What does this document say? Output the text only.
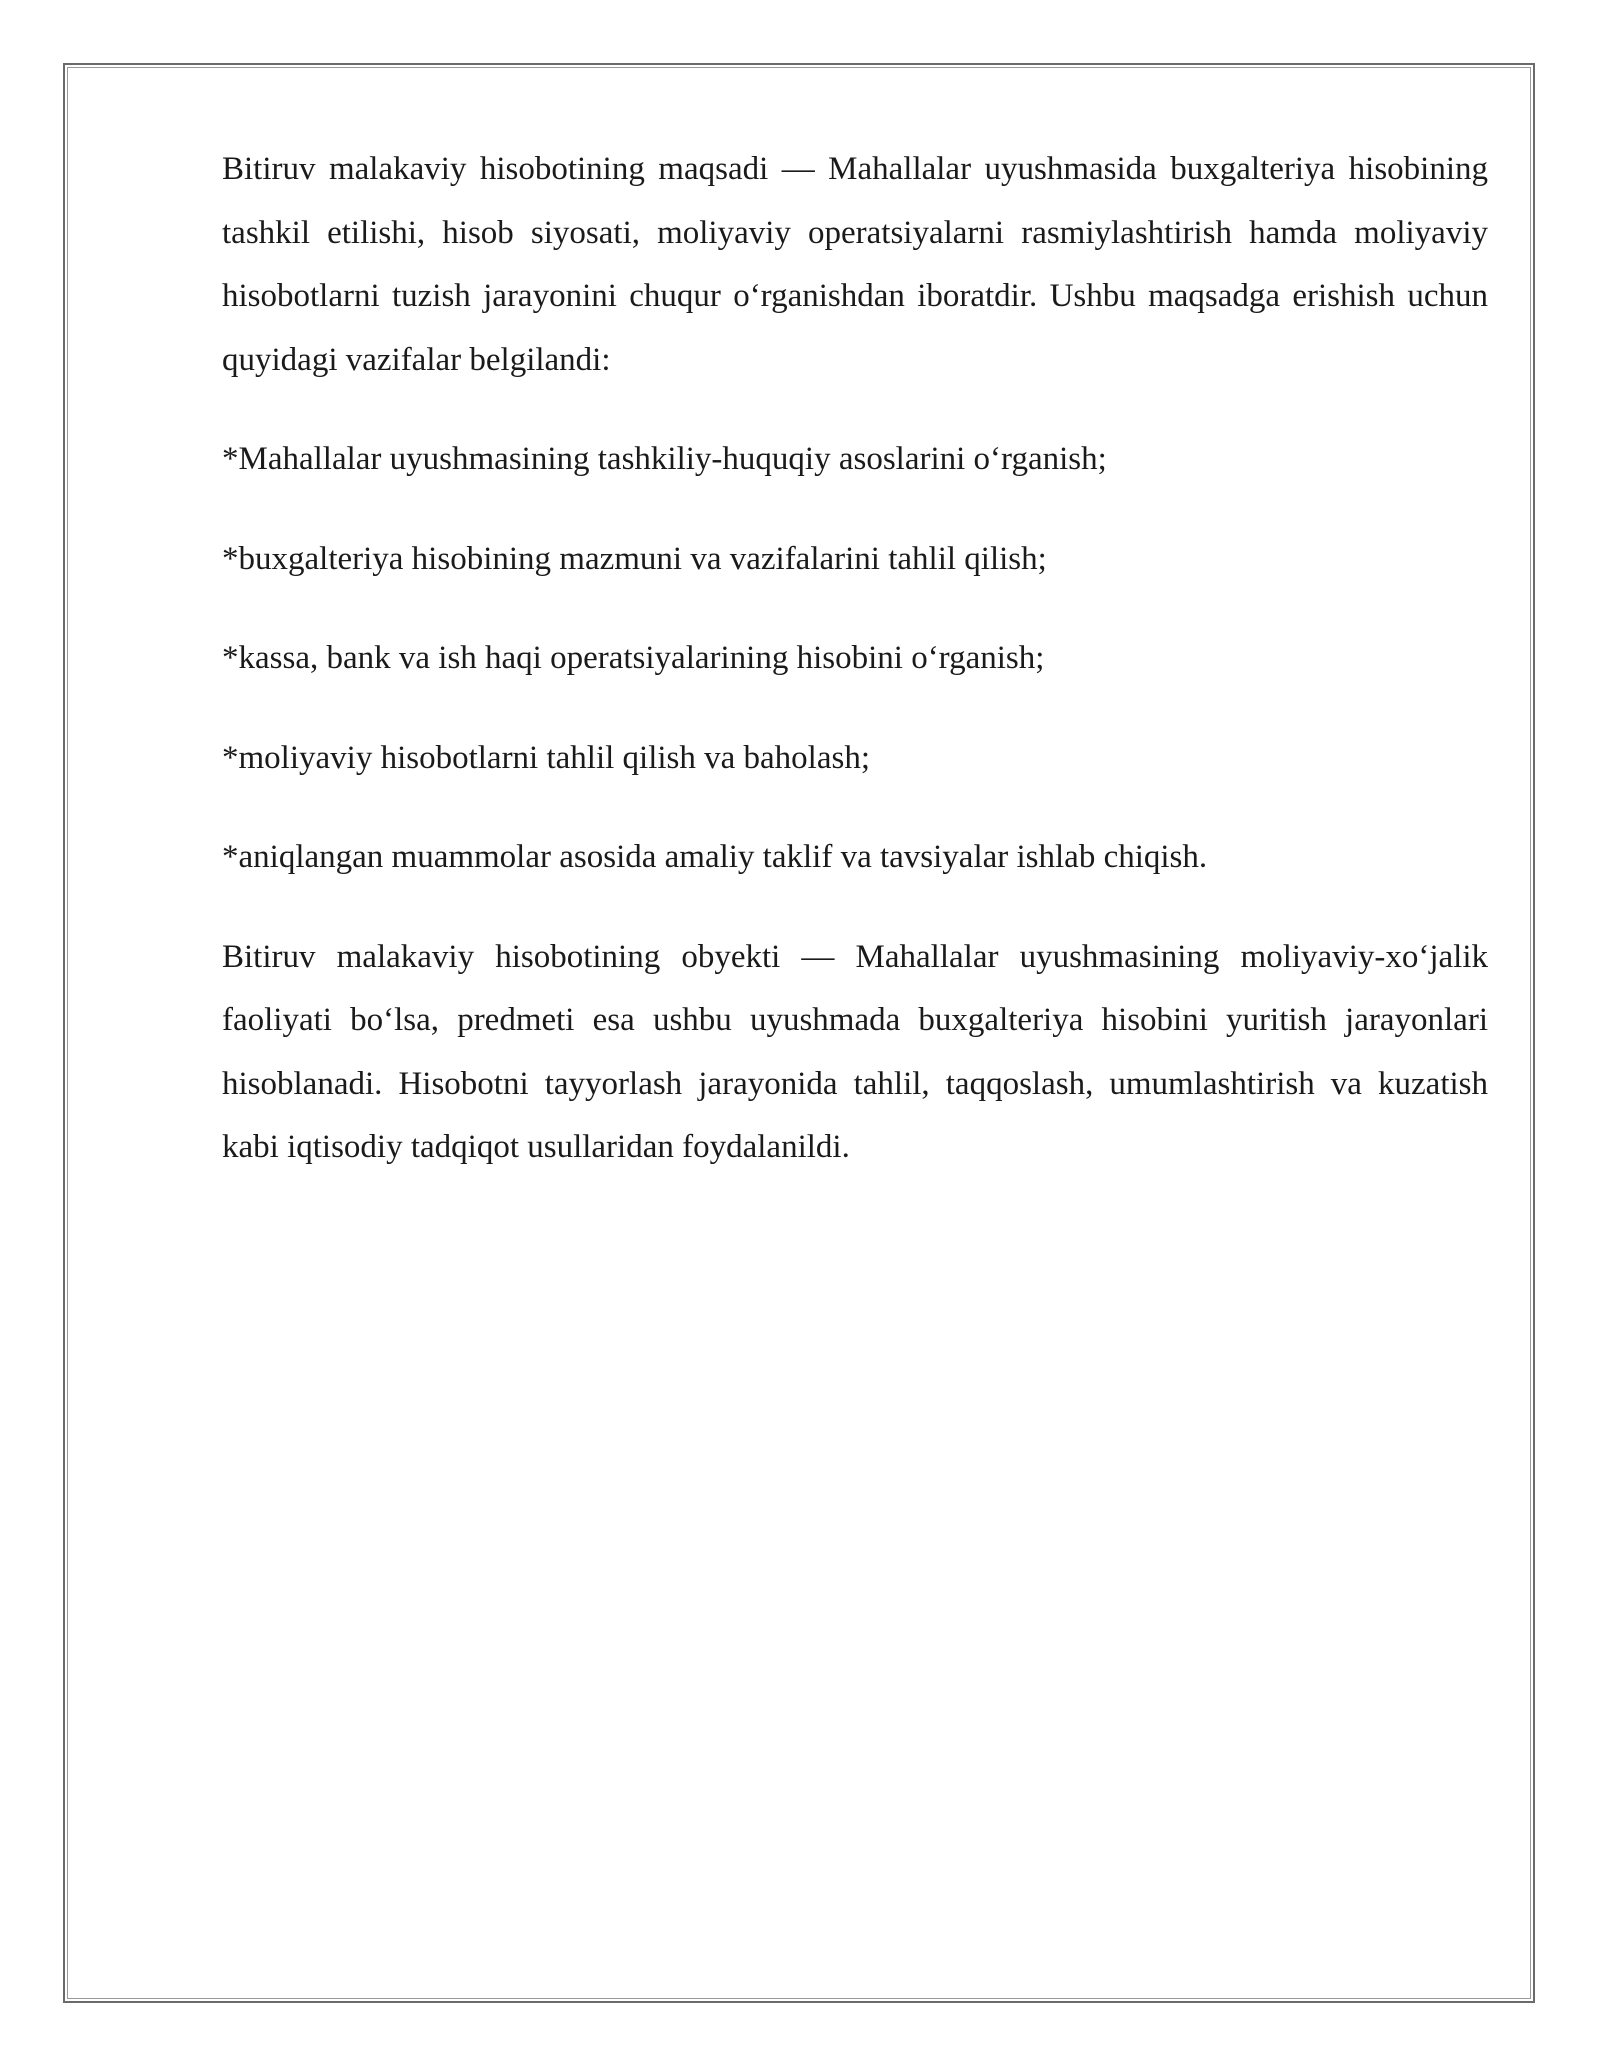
Bitiruv malakaviy hisobotining maqsadi — Mahallalar uyushmasida buxgalteriya hisobining tashkil etilishi, hisob siyosati, moliyaviy operatsiyalarni rasmiylashtirish hamda moliyaviy hisobotlarni tuzish jarayonini chuqur oʻrganishdan iboratdir. Ushbu maqsadga erishish uchun quyidagi vazifalar belgilandi:

*Mahallalar uyushmasining tashkiliy-huquqiy asoslarini oʻrganish;
*buxgalteriya hisobining mazmuni va vazifalarini tahlil qilish;
*kassa, bank va ish haqi operatsiyalarining hisobini oʻrganish;
*moliyaviy hisobotlarni tahlil qilish va baholash;
*aniqlangan muammolar asosida amaliy taklif va tavsiyalar ishlab chiqish.

Bitiruv malakaviy hisobotining obyekti — Mahallalar uyushmasining moliyaviy-xoʻjalik faoliyati boʻlsa, predmeti esa ushbu uyushmada buxgalteriya hisobini yuritish jarayonlari hisoblanadi. Hisobotni tayyorlash jarayonida tahlil, taqqoslash, umumlashtirish va kuzatish kabi iqtisodiy tadqiqot usullaridan foydalanildi.
